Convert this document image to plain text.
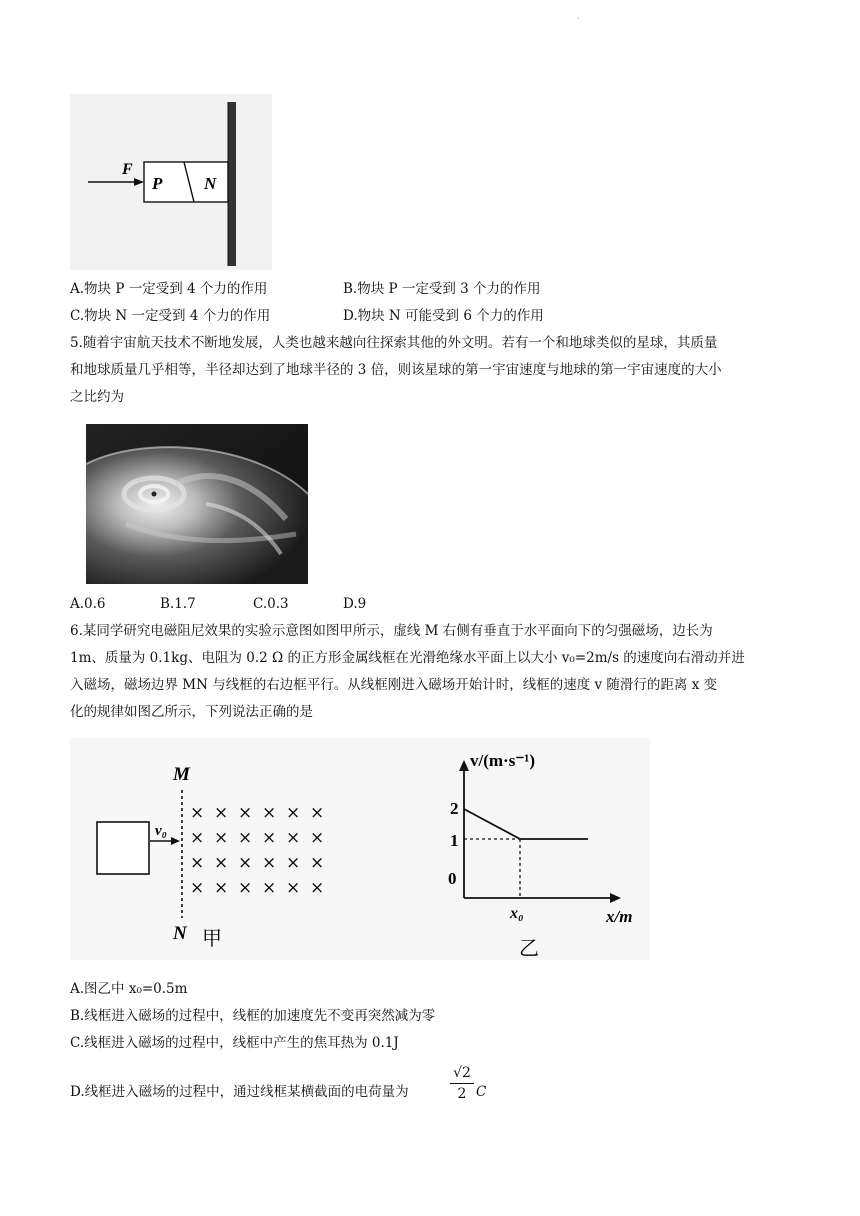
·
F
P N
A.物块 P 一定受到 4 个力的作用	B.物块 P 一定受到 3 个力的作用
C.物块 N 一定受到 4 个力的作用	D.物块 N 可能受到 6 个力的作用
5.随着宇宙航天技术不断地发展，人类也越来越向往探索其他的外文明。若有一个和地球类似的星球，其质量
和地球质量几乎相等，半径却达到了地球半径的 3 倍，则该星球的第一宇宙速度与地球的第一宇宙速度的大小
之比约为
A.0.6	B.1.7	C.0.3	D.9
6.某同学研究电磁阻尼效果的实验示意图如图甲所示，虚线 M 右侧有垂直于水平面向下的匀强磁场，边长为
1m、质量为 0.1kg、电阻为 0.2 Ω 的正方形金属线框在光滑绝缘水平面上以大小 v₀=2m/s 的速度向右滑动并进
入磁场，磁场边界 MN 与线框的右边框平行。从线框刚进入磁场开始计时，线框的速度 v 随滑行的距离 x 变
化的规律如图乙所示，下列说法正确的是
v₀
M
N 甲
× × × × × ×
× × × × × ×
× × × × × ×
× × × × × ×
v/(m·s⁻¹)
x/m
2
1
0
x₀
乙
A.图乙中 x₀=0.5m
B.线框进入磁场的过程中，线框的加速度先不变再突然减为零
C.线框进入磁场的过程中，线框中产生的焦耳热为 0.1J
D.线框进入磁场的过程中，通过线框某横截面的电荷量为
√2
2 C
